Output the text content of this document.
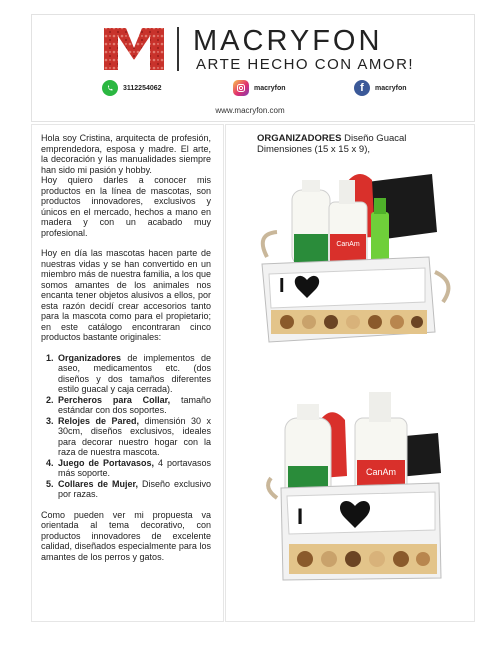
MACRYFON
ARTE HECHO CON AMOR!
3112254062	macryfon	f	macryfon
www.macryfon.com

Hola soy Cristina, arquitecta de profesión, emprendedora, esposa y madre. El arte, la decoración y las manualidades siempre han sido mi pasión y hobby.

Hoy quiero darles a conocer mis productos en la línea de mascotas, son productos innovadores, exclusivos y únicos en el mercado, hechos a mano en madera y con un acabado muy profesional.

Hoy en día las mascotas hacen parte de nuestras vidas y se han convertido en un miembro más de nuestra familia, a los que somos amantes de los animales nos encanta tener objetos alusivos a ellos, por esta razón decidí crear accesorios tanto para la mascota como para el propietario; en este catálogo encontraran cinco productos bastante originales:

1. Organizadores de implementos de aseo, medicamentos etc. (dos diseños y dos tamaños diferentes estilo guacal y caja cerrada).
2. Percheros para Collar, tamaño estándar con dos soportes.
3. Relojes de Pared, dimensión 30 x 30cm, diseños exclusivos, ideales para decorar nuestro hogar con la raza de nuestra mascota.
4. Juego de Portavasos, 4 portavasos más soporte.
5. Collares de Mujer, Diseño exclusivo por razas.

Como pueden ver mi propuesta va orientada al tema decorativo, con productos innovadores de excelente calidad, diseñados especialmente para los amantes de los perros y gatos.

ORGANIZADORES Diseño Guacal
Dimensiones (15 x 15 x 9),
CanAm
I
CanAm
I
